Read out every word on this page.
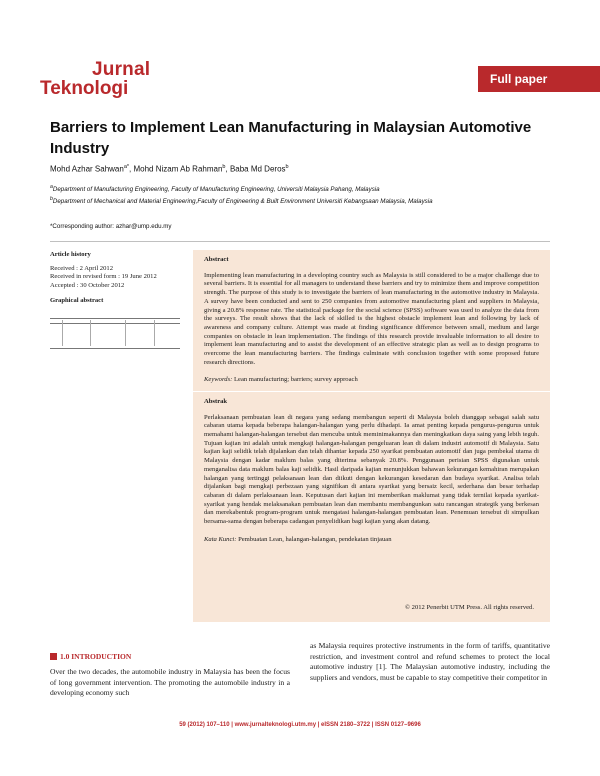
Jurnal
Teknologi	Full paper
Barriers to Implement Lean Manufacturing in Malaysian Automotive Industry
Mohd Azhar Sahwan$^{a*}$, Mohd Nizam Ab Rahman$^b$, Baba Md Deros$^b$
$^a$Department of Manufacturing Engineering, Faculty of Manufacturing Engineering, Universiti Malaysia Pahang, Malaysia
$^b$Department of Mechanical and Material Engineering,Faculty of Engineering & Built Environment Universiti Kebangsaan Malaysia, Malaysia
*Corresponding author: azhar@ump.edu.my
Article history

Received : 2 April 2012

Received in revised form : 19 June 2012

Accepted : 30 October 2012

Graphical abstract

Abstract

Implementing lean manufacturing in a developing country such as Malaysia is still considered to be a major challenge due to several barriers. It is essential for all managers to understand these barriers and try to minimize them and improve competition strength. The purpose of this study is to investigate the barriers of lean manufacturing in the automotive industry in Malaysia. A survey have been conducted and sent to 250 companies from automotive manufacturing plant and suppliers in Malaysia, giving a 20.8% response rate. The statistical package for the social science (SPSS) software was used to analyze the data from the surveys. The result shows that the lack of skilled is the highest obstacle implement lean and following by lack of awareness and company culture. Attempt was made at finding significance difference between small, medium and large companies on obstacle in lean implementation. The findings of this research provide invaluable information to all desire to implement lean manufacturing and to assist the development of an effective strategic plan as well as to design programs to overcome the lean manufacturing barriers. The findings culminate with conclusion together with some proposed future research directions.

Keywords: Lean manufacturing; barriers; survey approach

Abstrak

Perlaksanaan pembuatan lean di negara yang sedang membangun seperti di Malaysia boleh dianggap sebagai salah satu cabaran utama kepada beberapa halangan-halangan yang perlu dihadapi. Ia amat penting kepada pengurus-pengurus untuk memahami halangan-halangan tersebut dan mencuba untuk meminimakannya dan meningkatkan daya saing yang lebih teguh. Tujuan kajian ini adalah untuk mengkaji halangan-halangan pengeluaran lean di dalam industri automotif di Malaysia. Satu kajian kaji selidik telah dijalankan dan telah dihantar kepada 250 syarikat pembuatan automotif dan juga pembekal utama di Malaysia dengan kadar maklum balas yang diterima sebanyak 20.8%. Penggunaan perisian SPSS digunakan untuk menganalisa data maklum balas kaji selidik. Hasil daripada kajian menunjukkan bahawan kekurangan kemahiran merupakan halangan yang tertinggi pelaksanaan lean dan diikuti dengan kekurangan kesedaran dan budaya syarikat. Analisa telah dijalankan bagi mengkaji perbezaan yang signifikan di antara syarikat yang bersaiz kecil, sederhana dan besar terhadap cabaran di dalam perlaksanaan lean. Keputusan dari kajian ini memberikan maklumat yang tidak ternilai kepada syarikat-syarikat yang hendak melaksanakan pembuatan lean dan membantu membangunkan satu rancangan strategik yang berkesan dan merekabentuk program-program untuk mengatasi halangan-halangan pembuatan lean. Penemuan tersebut di simpulkan bersama-sama dengan beberapa cadangan penyelidikan bagi kajian yang akan datang.

Kata Kunci: Pembuatan Lean, halangan-halangan, pendekatan tinjauan

© 2012 Penerbit UTM Press. All rights reserved.
1.0 INTRODUCTION
Over the two decades, the automobile industry in Malaysia has been the focus of long government intervention. The promoting the automobile industry in a developing economy such
as Malaysia requires protective instruments in the form of tariffs, quantitative restriction, and investment control and refund schemes to protect the local automotive industry [1]. The Malaysian automotive industry, including the suppliers and vendors, must be capable to stay competitive their competitor in
59 (2012) 107–110 | www.jurnalteknologi.utm.my | eISSN 2180–3722 | ISSN 0127–9696
